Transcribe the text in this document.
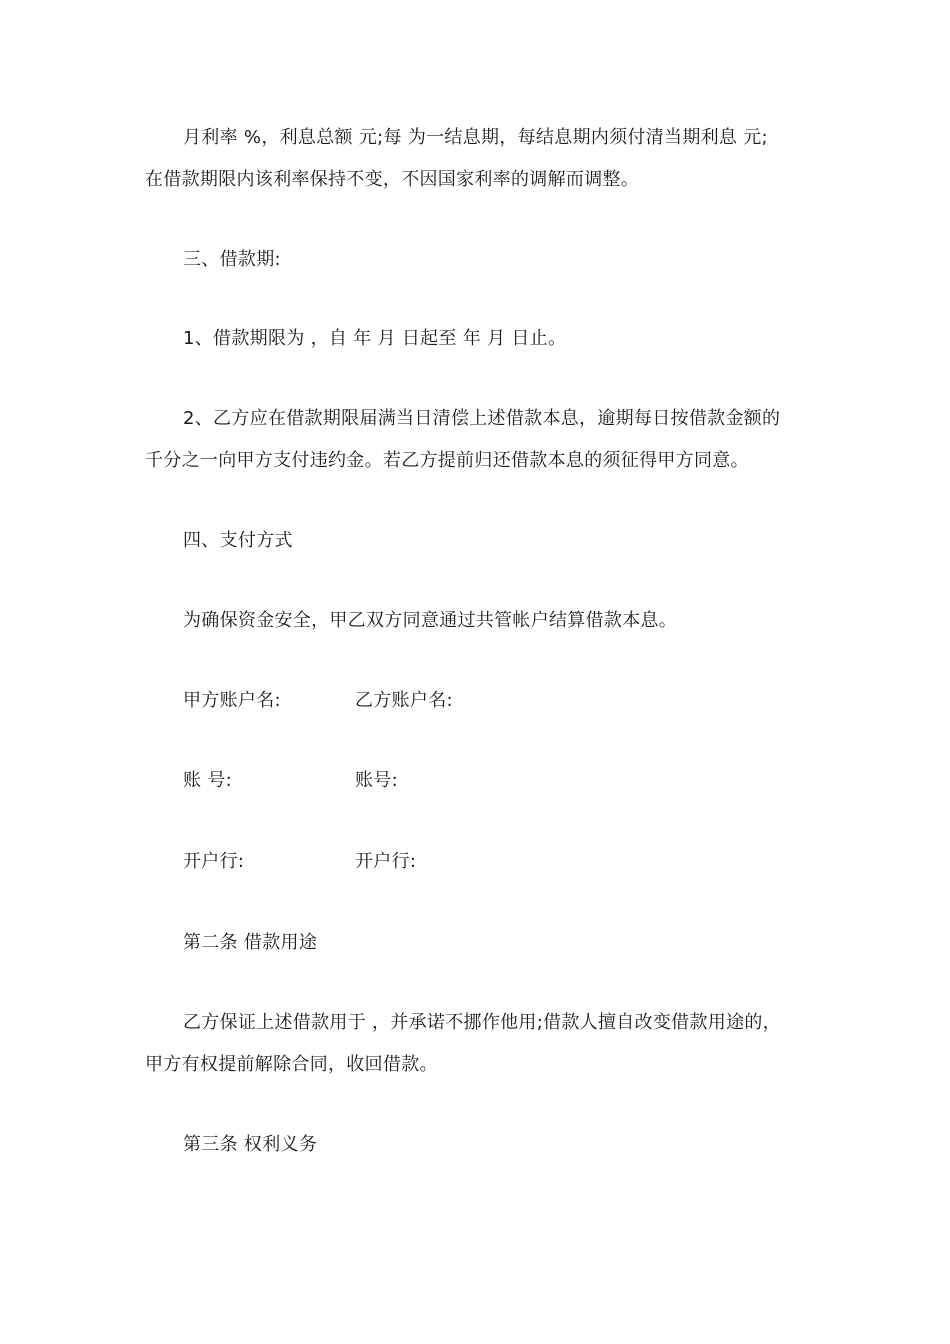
月利率 %，利息总额 元;每 为一结息期，每结息期内须付清当期利息 元;
在借款期限内该利率保持不变，不因国家利率的调解而调整。
三、借款期:
1、借款期限为 ，自 年 月 日起至 年 月 日止。
2、乙方应在借款期限届满当日清偿上述借款本息，逾期每日按借款金额的
千分之一向甲方支付违约金。若乙方提前归还借款本息的须征得甲方同意。
四、支付方式
为确保资金安全，甲乙双方同意通过共管帐户结算借款本息。
甲方账户名:	乙方账户名:
账 号:	账号:
开户行:	开户行:
第二条 借款用途
乙方保证上述借款用于 ，并承诺不挪作他用;借款人擅自改变借款用途的，
甲方有权提前解除合同，收回借款。
第三条 权利义务
